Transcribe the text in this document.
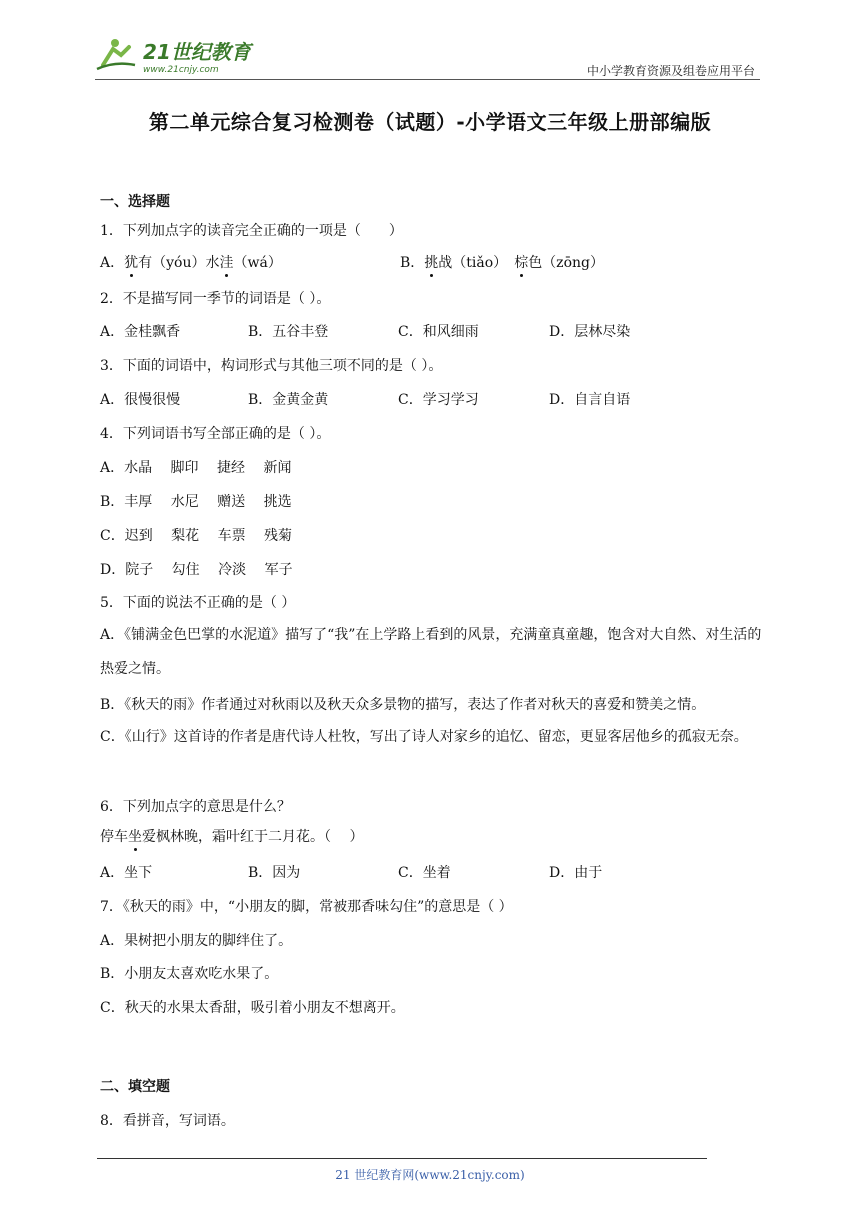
21世纪教育
www.21cnjy.com	中小学教育资源及组卷应用平台
第二单元综合复习检测卷（试题）-小学语文三年级上册部编版
一、选择题
1．下列加点字的读音完全正确的一项是（　　）
A．犹有（yóu）水洼（wá）	B．挑战（tiǎo）　棕色（zōng）
2．不是描写同一季节的词语是（ ）。
A．金桂飘香	B．五谷丰登	C．和风细雨	D．层林尽染
3．下面的词语中，构词形式与其他三项不同的是（ ）。
A．很慢很慢	B．金黄金黄	C．学习学习	D．自言自语
4．下列词语书写全部正确的是（ ）。
A．水晶　 脚印　 捷经　 新闻
B．丰厚　 水尼　 赠送　 挑选
C．迟到　 梨花　 车票　 残菊
D．院子　 勾住　 冷淡　 军子
5．下面的说法不正确的是（ ）
A．《铺满金色巴掌的水泥道》描写了“我”在上学路上看到的风景，充满童真童趣，饱含对大自然、对生活的热爱之情。
B．《秋天的雨》作者通过对秋雨以及秋天众多景物的描写，表达了作者对秋天的喜爱和赞美之情。
C．《山行》这首诗的作者是唐代诗人杜牧，写出了诗人对家乡的追忆、留恋，更显客居他乡的孤寂无奈。
6．下列加点字的意思是什么？
停车坐爱枫林晚，霜叶红于二月花。（　 ）
A．坐下	B．因为	C．坐着	D．由于
7．《秋天的雨》中，“小朋友的脚，常被那香味勾住”的意思是（ ）
A．果树把小朋友的脚绊住了。
B．小朋友太喜欢吃水果了。
C．秋天的水果太香甜，吸引着小朋友不想离开。
二、填空题
8．看拼音，写词语。
21 世纪教育网(www.21cnjy.com)
